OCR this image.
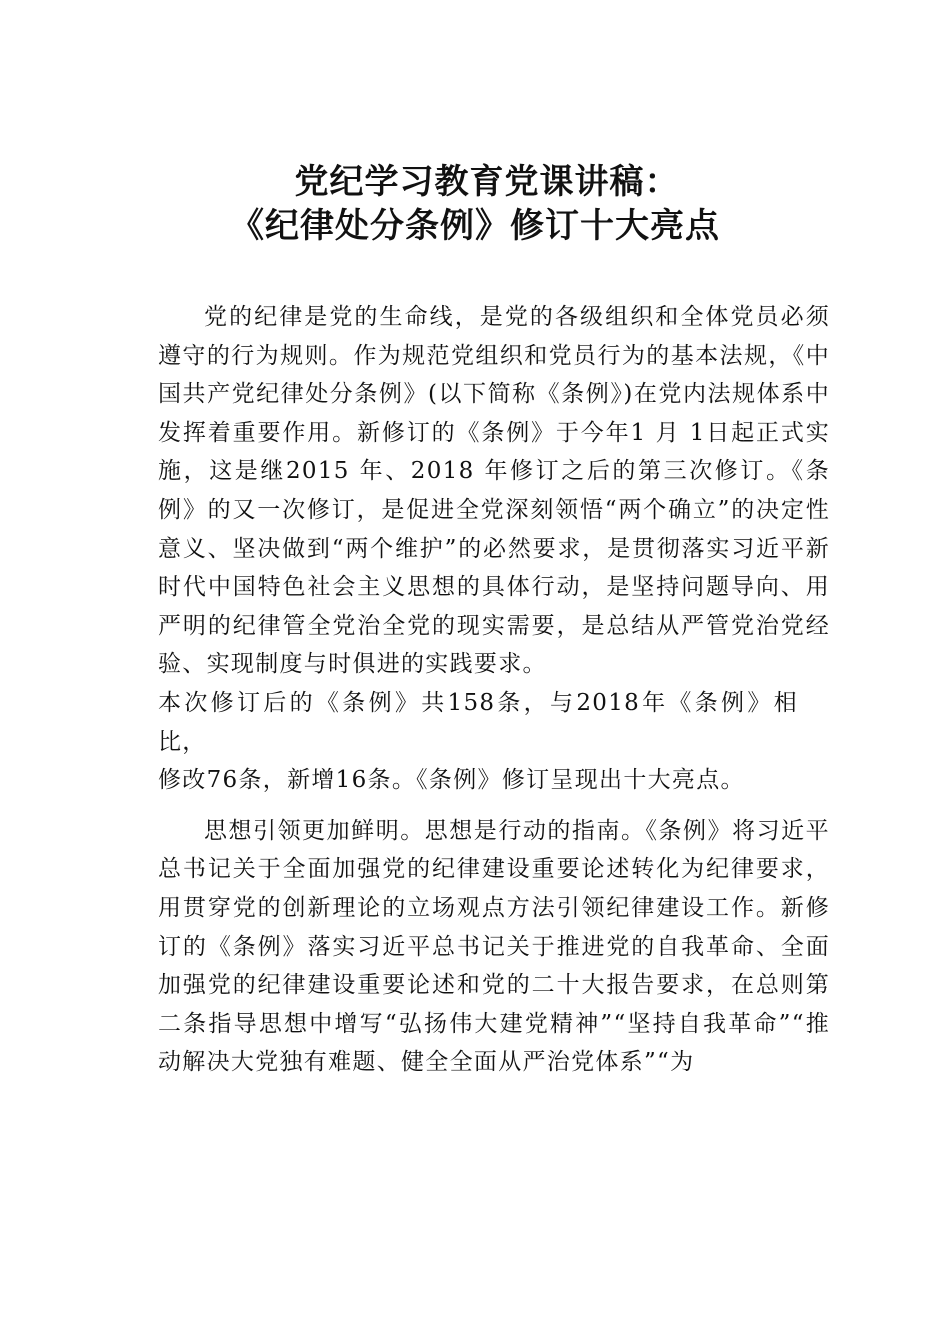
党纪学习教育党课讲稿：
《纪律处分条例》修订十大亮点

党的纪律是党的生命线，是党的各级组织和全体党员必须遵守的行为规则。作为规范党组织和党员行为的基本法规，《中国共产党纪律处分条例》(以下简称《条例》)在党内法规体系中发挥着重要作用。新修订的《条例》于今年1 月 1日起正式实施，这是继2015 年、2018 年修订之后的第三次修订。《条例》的又一次修订，是促进全党深刻领悟“两个确立”的决定性意义、坚决做到“两个维护”的必然要求，是贯彻落实习近平新时代中国特色社会主义思想的具体行动，是坚持问题导向、用严明的纪律管全党治全党的现实需要，是总结从严管党治党经验、实现制度与时俱进的实践要求。

本次修订后的《条例》共158条，与2018年《条例》相比，

修改76条，新增16条。《条例》修订呈现出十大亮点。

思想引领更加鲜明。思想是行动的指南。《条例》将习近平总书记关于全面加强党的纪律建设重要论述转化为纪律要求，用贯穿党的创新理论的立场观点方法引领纪律建设工作。新修订的《条例》落实习近平总书记关于推进党的自我革命、全面加强党的纪律建设重要论述和党的二十大报告要求，在总则第二条指导思想中增写“弘扬伟大建党精神”“坚持自我革命”“推动解决大党独有难题、健全全面从严治党体系”“为
